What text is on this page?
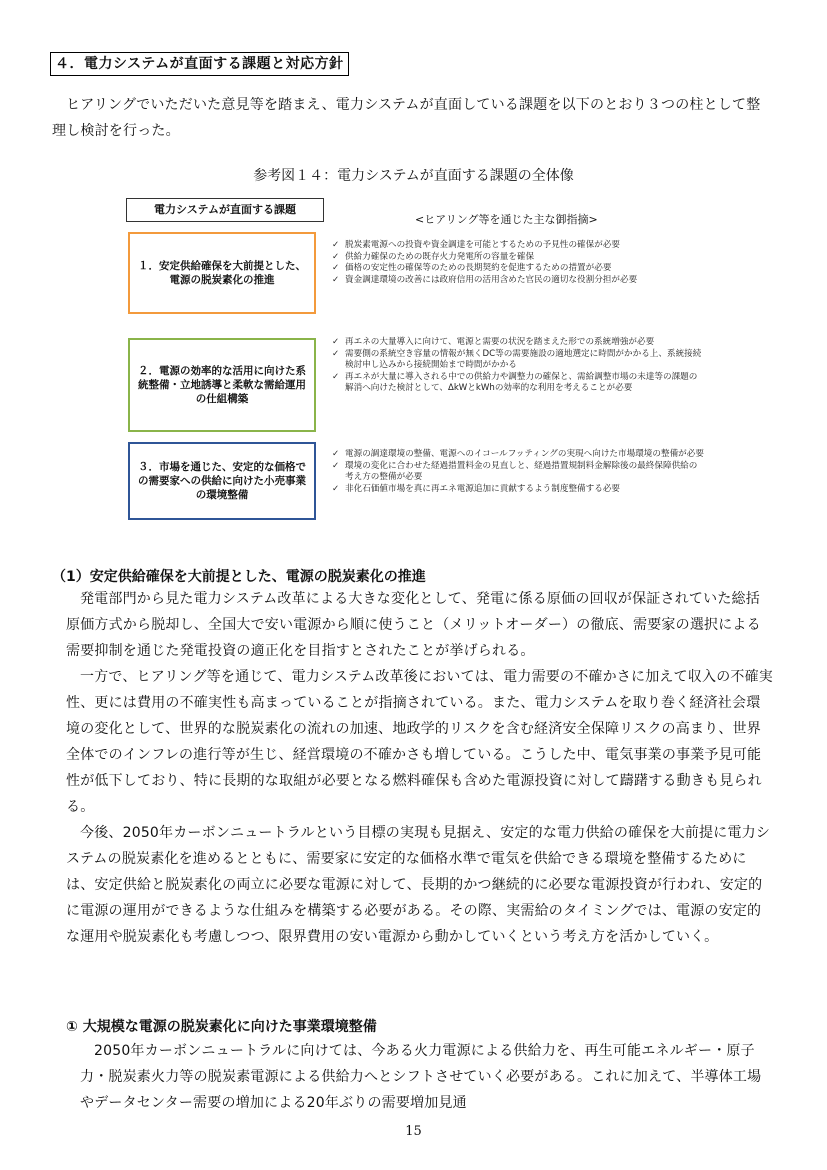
４．電力システムが直面する課題と対応方針

ヒアリングでいただいた意見等を踏まえ、電力システムが直面している課題を以下のとおり３つの柱として整理し検討を行った。

参考図１４：電力システムが直面する課題の全体像
電力システムが直面する課題
<ヒアリング等を通じた主な御指摘>
１．安定供給確保を大前提とした、電源の脱炭素化の推進
✓ 脱炭素電源への投資や資金調達を可能とするための予見性の確保が必要
✓ 供給力確保のための既存火力発電所の容量を確保
✓ 価格の安定性の確保等のための長期契約を促進するための措置が必要
✓ 資金調達環境の改善には政府信用の活用含めた官民の適切な役割分担が必要
２．電源の効率的な活用に向けた系統整備・立地誘導と柔軟な需給運用の仕組構築
✓ 再エネの大量導入に向けて、電源と需要の状況を踏まえた形での系統増強が必要
✓ 需要側の系統空き容量の情報が無くDC等の需要施設の適地選定に時間がかかる上、系統接続検討申し込みから接続開始まで時間がかかる
✓ 再エネが大量に導入される中での供給力や調整力の確保と、需給調整市場の未達等の課題の解消へ向けた検討として、ΔkWとkWhの効率的な利用を考えることが必要
３．市場を通じた、安定的な価格での需要家への供給に向けた小売事業の環境整備
✓ 電源の調達環境の整備、電源へのイコールフッティングの実現へ向けた市場環境の整備が必要
✓ 環境の変化に合わせた経過措置料金の見直しと、経過措置規制料金解除後の最終保障供給の考え方の整備が必要
✓ 非化石価値市場を真に再エネ電源追加に貢献するよう制度整備する必要
（1）安定供給確保を大前提とした、電源の脱炭素化の推進

発電部門から見た電力システム改革による大きな変化として、発電に係る原価の回収が保証されていた総括原価方式から脱却し、全国大で安い電源から順に使うこと（メリットオーダー）の徹底、需要家の選択による需要抑制を通じた発電投資の適正化を目指すとされたことが挙げられる。

一方で、ヒアリング等を通じて、電力システム改革後においては、電力需要の不確かさに加えて収入の不確実性、更には費用の不確実性も高まっていることが指摘されている。また、電力システムを取り巻く経済社会環境の変化として、世界的な脱炭素化の流れの加速、地政学的リスクを含む経済安全保障リスクの高まり、世界全体でのインフレの進行等が生じ、経営環境の不確かさも増している。こうした中、電気事業の事業予見可能性が低下しており、特に長期的な取組が必要となる燃料確保も含めた電源投資に対して躊躇する動きも見られる。

今後、2050年カーボンニュートラルという目標の実現も見据え、安定的な電力供給の確保を大前提に電力システムの脱炭素化を進めるとともに、需要家に安定的な価格水準で電気を供給できる環境を整備するためには、安定供給と脱炭素化の両立に必要な電源に対して、長期的かつ継続的に必要な電源投資が行われ、安定的に電源の運用ができるような仕組みを構築する必要がある。その際、実需給のタイミングでは、電源の安定的な運用や脱炭素化も考慮しつつ、限界費用の安い電源から動かしていくという考え方を活かしていく。

① 大規模な電源の脱炭素化に向けた事業環境整備

2050年カーボンニュートラルに向けては、今ある火力電源による供給力を、再生可能エネルギー・原子力・脱炭素火力等の脱炭素電源による供給力へとシフトさせていく必要がある。これに加えて、半導体工場やデータセンター需要の増加による20年ぶりの需要増加見通

15
